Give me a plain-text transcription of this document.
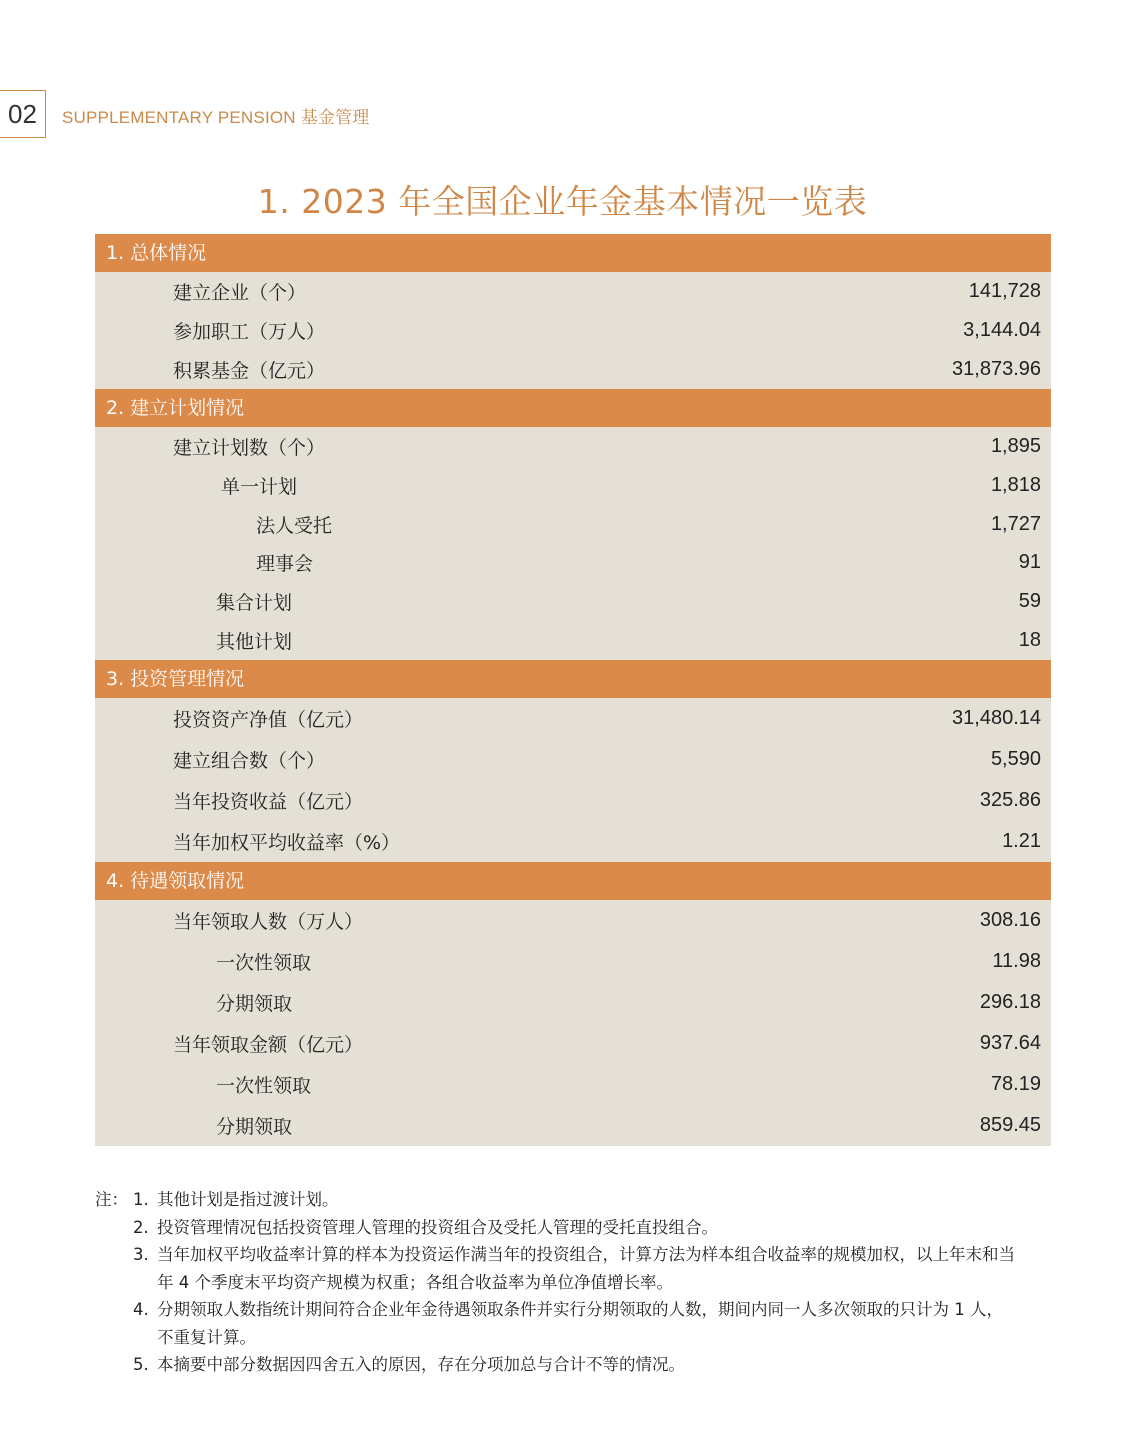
02	SUPPLEMENTARY PENSION 基金管理
1. 2023 年全国企业年金基本情况一览表
1. 总体情况
建立企业（个）	141,728
参加职工（万人）	3,144.04
积累基金（亿元）	31,873.96
2. 建立计划情况
建立计划数（个）	1,895
单一计划	1,818
法人受托	1,727
理事会	91
集合计划	59
其他计划	18
3. 投资管理情况
投资资产净值（亿元）	31,480.14
建立组合数（个）	5,590
当年投资收益（亿元）	325.86
当年加权平均收益率（%）	1.21
4. 待遇领取情况
当年领取人数（万人）	308.16
一次性领取	11.98
分期领取	296.18
当年领取金额（亿元）	937.64
一次性领取	78.19
分期领取	859.45
注： 1. 其他计划是指过渡计划。
2. 投资管理情况包括投资管理人管理的投资组合及受托人管理的受托直投组合。
3. 当年加权平均收益率计算的样本为投资运作满当年的投资组合，计算方法为样本组合收益率的规模加权，以上年末和当年 4 个季度末平均资产规模为权重；各组合收益率为单位净值增长率。
4. 分期领取人数指统计期间符合企业年金待遇领取条件并实行分期领取的人数，期间内同一人多次领取的只计为 1 人，不重复计算。
5. 本摘要中部分数据因四舍五入的原因，存在分项加总与合计不等的情况。
